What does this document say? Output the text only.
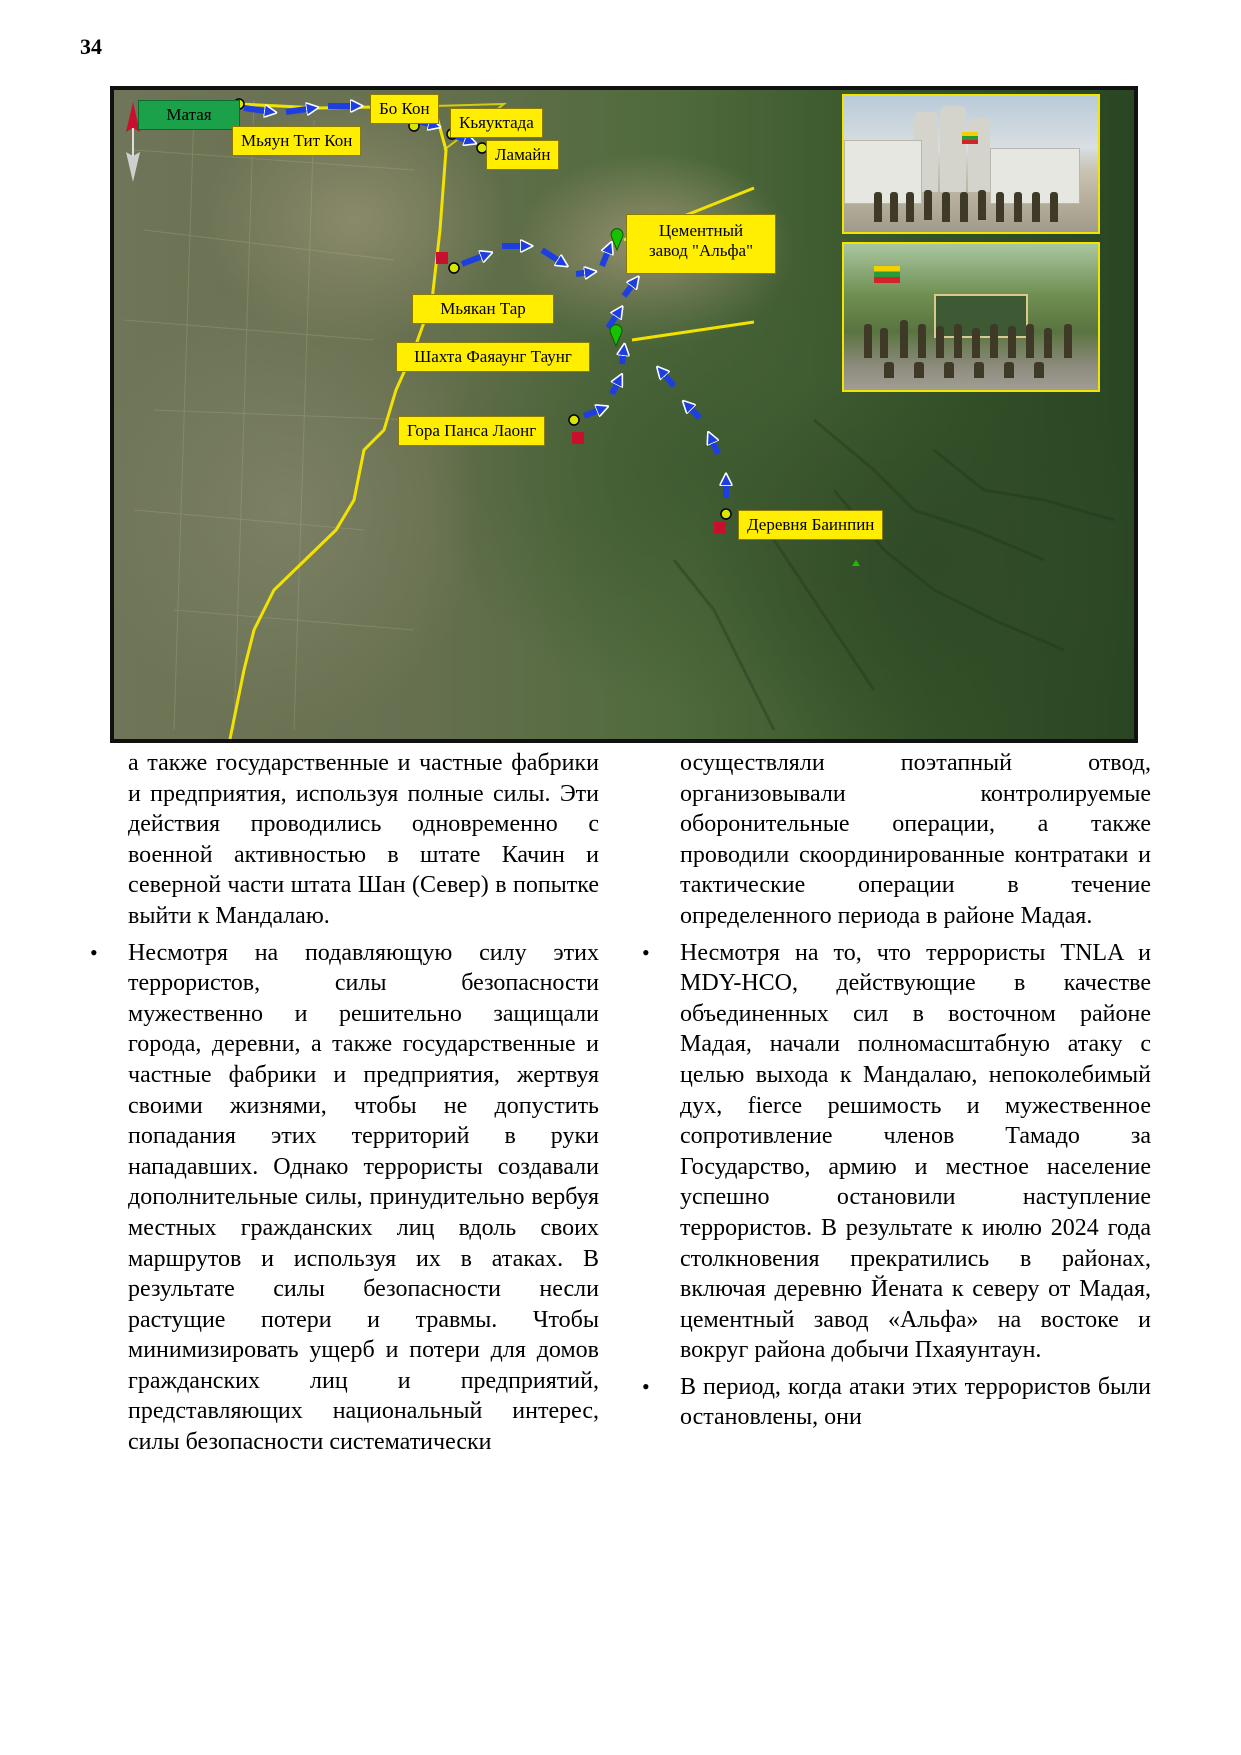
34
Матая
Мьяун Тит Кон
Бо Кон
Кьяуктада
Ламайн
Цементный
завод "Альфа"
Мьякан Тар
Шахта Фаяаунг Таунг
Гора Панса Лаонг
Деревня Баинпин

а также государственные и частные фабрики и предприятия, используя полные силы. Эти действия проводились одновременно с военной активностью в штате Качин и северной части штата Шан (Север) в попытке выйти к Мандалаю.

• Несмотря на подавляющую силу этих террористов, силы безопасности мужественно и решительно защищали города, деревни, а также государственные и частные фабрики и предприятия, жертвуя своими жизнями, чтобы не допустить попадания этих территорий в руки нападавших. Однако террористы создавали дополнительные силы, принудительно вербуя местных гражданских лиц вдоль своих маршрутов и используя их в атаках. В результате силы безопасности несли растущие потери и травмы. Чтобы минимизировать ущерб и потери для домов гражданских лиц и предприятий, представляющих национальный интерес, силы безопасности систематически

осуществляли поэтапный отвод, организовывали контролируемые оборонительные операции, а также проводили скоординированные контратаки и тактические операции в течение определенного периода в районе Мадая.

• Несмотря на то, что террористы TNLA и MDY-HCO, действующие в качестве объединенных сил в восточном районе Мадая, начали полномасштабную атаку с целью выхода к Мандалаю, непоколебимый дух, fierce решимость и мужественное сопротивление членов Тамадо за Государство, армию и местное население успешно остановили наступление террористов. В результате к июлю 2024 года столкновения прекратились в районах, включая деревню Йената к северу от Мадая, цементный завод «Альфа» на востоке и вокруг района добычи Пхаяунтаун.
• В период, когда атаки этих террористов были остановлены, они
